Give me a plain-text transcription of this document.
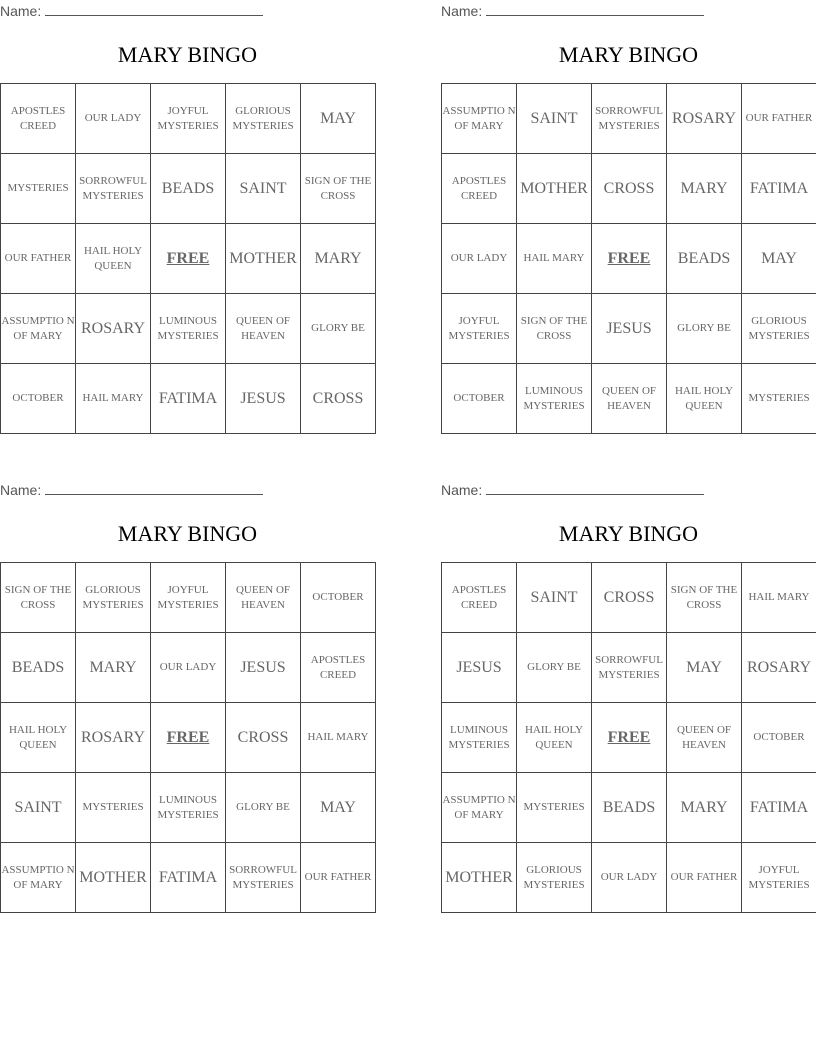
Name:
MARY BINGO
APOSTLES CREED	OUR LADY	JOYFUL MYSTERIES	GLORIOUS MYSTERIES	MAY
MYSTERIES	SORROWFUL MYSTERIES	BEADS	SAINT	SIGN OF THE CROSS
OUR FATHER	HAIL HOLY QUEEN	FREE	MOTHER	MARY
ASSUMPTIO N OF MARY	ROSARY	LUMINOUS MYSTERIES	QUEEN OF HEAVEN	GLORY BE
OCTOBER	HAIL MARY	FATIMA	JESUS	CROSS
Name:
MARY BINGO
ASSUMPTIO N OF MARY	SAINT	SORROWFUL MYSTERIES	ROSARY	OUR FATHER
APOSTLES CREED	MOTHER	CROSS	MARY	FATIMA
OUR LADY	HAIL MARY	FREE	BEADS	MAY
JOYFUL MYSTERIES	SIGN OF THE CROSS	JESUS	GLORY BE	GLORIOUS MYSTERIES
OCTOBER	LUMINOUS MYSTERIES	QUEEN OF HEAVEN	HAIL HOLY QUEEN	MYSTERIES
Name:
MARY BINGO
SIGN OF THE CROSS	GLORIOUS MYSTERIES	JOYFUL MYSTERIES	QUEEN OF HEAVEN	OCTOBER
BEADS	MARY	OUR LADY	JESUS	APOSTLES CREED
HAIL HOLY QUEEN	ROSARY	FREE	CROSS	HAIL MARY
SAINT	MYSTERIES	LUMINOUS MYSTERIES	GLORY BE	MAY
ASSUMPTIO N OF MARY	MOTHER	FATIMA	SORROWFUL MYSTERIES	OUR FATHER
Name:
MARY BINGO
APOSTLES CREED	SAINT	CROSS	SIGN OF THE CROSS	HAIL MARY
JESUS	GLORY BE	SORROWFUL MYSTERIES	MAY	ROSARY
LUMINOUS MYSTERIES	HAIL HOLY QUEEN	FREE	QUEEN OF HEAVEN	OCTOBER
ASSUMPTIO N OF MARY	MYSTERIES	BEADS	MARY	FATIMA
MOTHER	GLORIOUS MYSTERIES	OUR LADY	OUR FATHER	JOYFUL MYSTERIES
